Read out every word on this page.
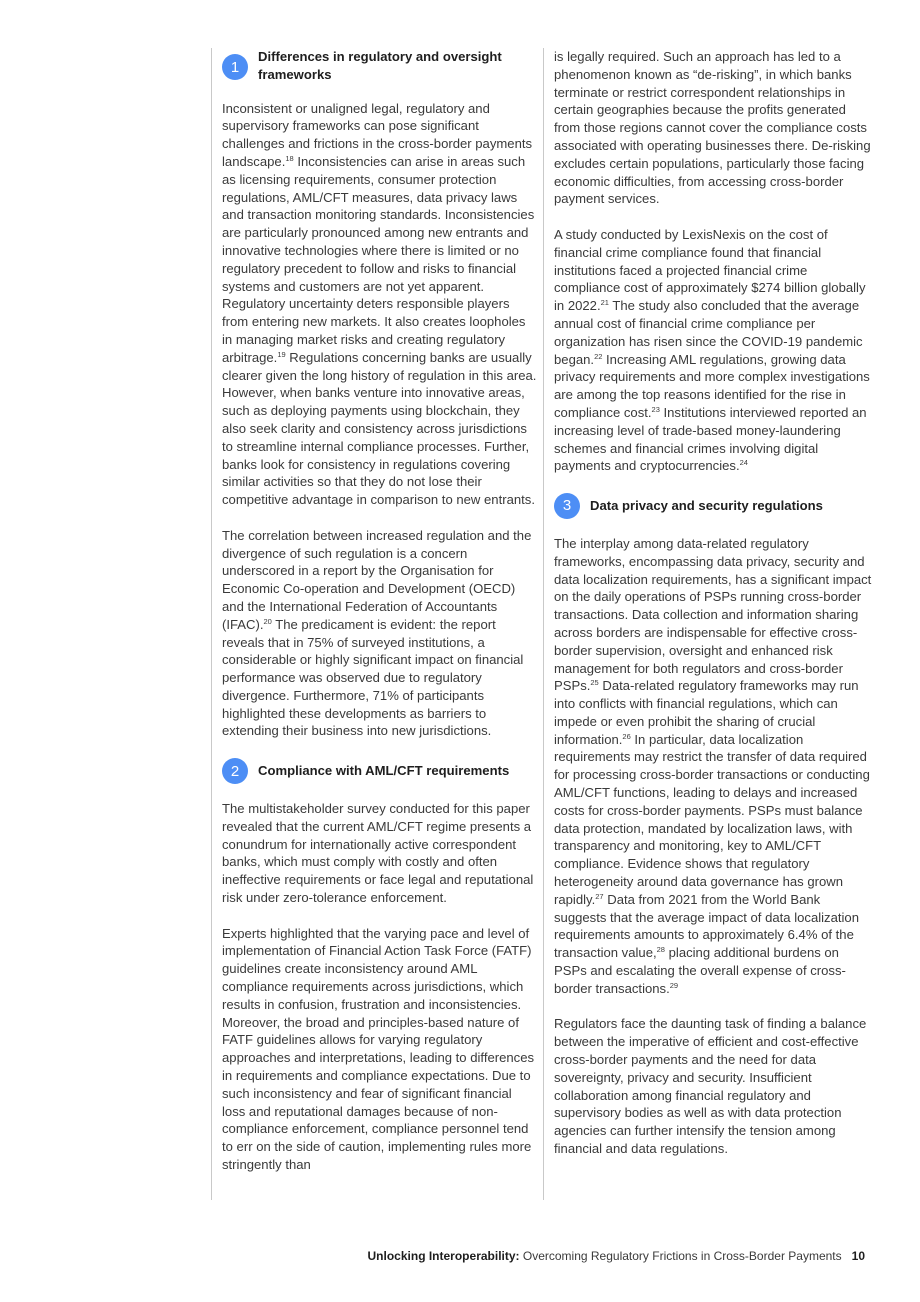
1
Differences in regulatory and oversight frameworks

Inconsistent or unaligned legal, regulatory and supervisory frameworks can pose significant challenges and frictions in the cross-border payments landscape.$^{18}$ Inconsistencies can arise in areas such as licensing requirements, consumer protection regulations, AML/CFT measures, data privacy laws and transaction monitoring standards. Inconsistencies are particularly pronounced among new entrants and innovative technologies where there is limited or no regulatory precedent to follow and risks to financial systems and customers are not yet apparent. Regulatory uncertainty deters responsible players from entering new markets. It also creates loopholes in managing market risks and creating regulatory arbitrage.$^{19}$ Regulations concerning banks are usually clearer given the long history of regulation in this area. However, when banks venture into innovative areas, such as deploying payments using blockchain, they also seek clarity and consistency across jurisdictions to streamline internal compliance processes. Further, banks look for consistency in regulations covering similar activities so that they do not lose their competitive advantage in comparison to new entrants.

The correlation between increased regulation and the divergence of such regulation is a concern underscored in a report by the Organisation for Economic Co-operation and Development (OECD) and the International Federation of Accountants (IFAC).$^{20}$ The predicament is evident: the report reveals that in 75% of surveyed institutions, a considerable or highly significant impact on financial performance was observed due to regulatory divergence. Furthermore, 71% of participants highlighted these developments as barriers to extending their business into new jurisdictions.

2	Compliance with AML/CFT requirements

The multistakeholder survey conducted for this paper revealed that the current AML/CFT regime presents a conundrum for internationally active correspondent banks, which must comply with costly and often ineffective requirements or face legal and reputational risk under zero-tolerance enforcement.

Experts highlighted that the varying pace and level of implementation of Financial Action Task Force (FATF) guidelines create inconsistency around AML compliance requirements across jurisdictions, which results in confusion, frustration and inconsistencies. Moreover, the broad and principles-based nature of FATF guidelines allows for varying regulatory approaches and interpretations, leading to differences in requirements and compliance expectations. Due to such inconsistency and fear of significant financial loss and reputational damages because of non-compliance enforcement, compliance personnel tend to err on the side of caution, implementing rules more stringently than

is legally required. Such an approach has led to a phenomenon known as “de-risking”, in which banks terminate or restrict correspondent relationships in certain geographies because the profits generated from those regions cannot cover the compliance costs associated with operating businesses there. De-risking excludes certain populations, particularly those facing economic difficulties, from accessing cross-border payment services.

A study conducted by LexisNexis on the cost of financial crime compliance found that financial institutions faced a projected financial crime compliance cost of approximately $274 billion globally in 2022.21 The study also concluded that the average annual cost of financial crime compliance per organization has risen since the COVID-19 pandemic began.$^{22}$ Increasing AML regulations, growing data privacy requirements and more complex investigations are among the top reasons identified for the rise in compliance cost.$^{23}$ Institutions interviewed reported an increasing level of trade-based money-laundering schemes and financial crimes involving digital payments and cryptocurrencies.$^{24}$

3	Data privacy and security regulations

The interplay among data-related regulatory frameworks, encompassing data privacy, security and data localization requirements, has a significant impact on the daily operations of PSPs running cross-border transactions. Data collection and information sharing across borders are indispensable for effective cross-border supervision, oversight and enhanced risk management for both regulators and cross-border PSPs.$^{25}$ Data-related regulatory frameworks may run into conflicts with financial regulations, which can impede or even prohibit the sharing of crucial information.$^{26}$ In particular, data localization requirements may restrict the transfer of data required for processing cross-border transactions or conducting AML/CFT functions, leading to delays and increased costs for cross-border payments. PSPs must balance data protection, mandated by localization laws, with transparency and monitoring, key to AML/CFT compliance. Evidence shows that regulatory heterogeneity around data governance has grown rapidly.$^{27}$ Data from 2021 from the World Bank suggests that the average impact of data localization requirements amounts to approximately 6.4% of the transaction value,$^{28}$ placing additional burdens on PSPs and escalating the overall expense of cross-border transactions.$^{29}$

Regulators face the daunting task of finding a balance between the imperative of efficient and cost-effective cross-border payments and the need for data sovereignty, privacy and security. Insufficient collaboration among financial regulatory and supervisory bodies as well as with data protection agencies can further intensify the tension among financial and data regulations.

Unlocking Interoperability: Overcoming Regulatory Frictions in Cross-Border Payments 10
